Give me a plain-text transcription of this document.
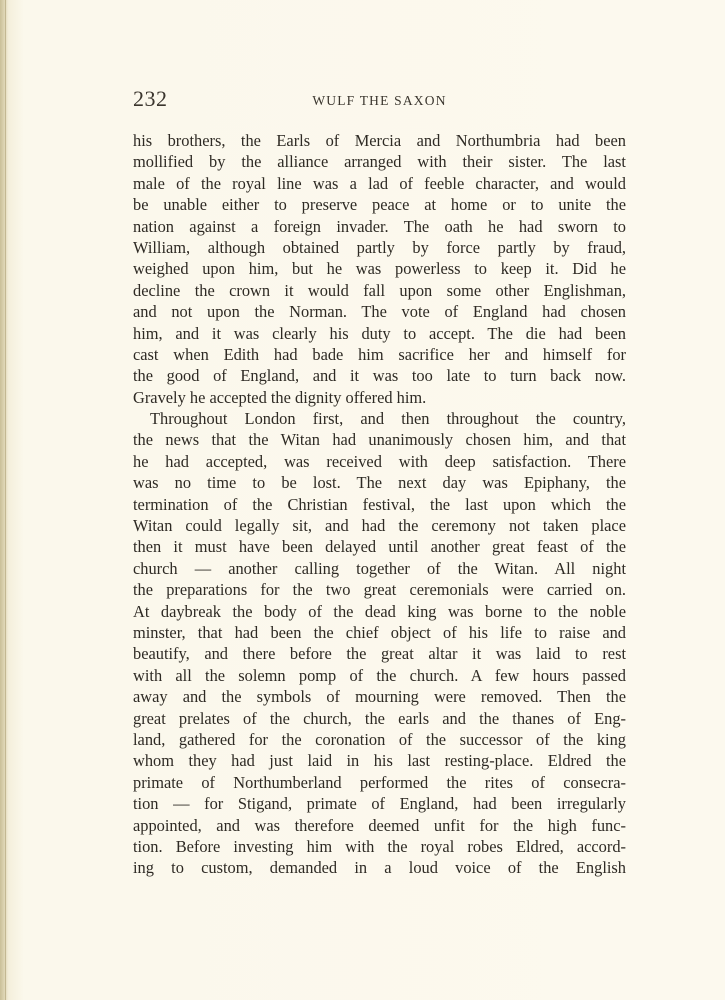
232	WULF THE SAXON
his brothers, the Earls of Mercia and Northumbria had been
mollified by the alliance arranged with their sister. The last
male of the royal line was a lad of feeble character, and would
be unable either to preserve peace at home or to unite the
nation against a foreign invader. The oath he had sworn to
William, although obtained partly by force partly by fraud,
weighed upon him, but he was powerless to keep it. Did he
decline the crown it would fall upon some other Englishman,
and not upon the Norman. The vote of England had chosen
him, and it was clearly his duty to accept. The die had been
cast when Edith had bade him sacrifice her and himself for
the good of England, and it was too late to turn back now.
Gravely he accepted the dignity offered him.
Throughout London first, and then throughout the country,
the news that the Witan had unanimously chosen him, and that
he had accepted, was received with deep satisfaction. There
was no time to be lost. The next day was Epiphany, the
termination of the Christian festival, the last upon which the
Witan could legally sit, and had the ceremony not taken place
then it must have been delayed until another great feast of the
church — another calling together of the Witan. All night
the preparations for the two great ceremonials were carried on.
At daybreak the body of the dead king was borne to the noble
minster, that had been the chief object of his life to raise and
beautify, and there before the great altar it was laid to rest
with all the solemn pomp of the church. A few hours passed
away and the symbols of mourning were removed. Then the
great prelates of the church, the earls and the thanes of Eng-
land, gathered for the coronation of the successor of the king
whom they had just laid in his last resting-place. Eldred the
primate of Northumberland performed the rites of consecra-
tion — for Stigand, primate of England, had been irregularly
appointed, and was therefore deemed unfit for the high func-
tion. Before investing him with the royal robes Eldred, accord-
ing to custom, demanded in a loud voice of the English
